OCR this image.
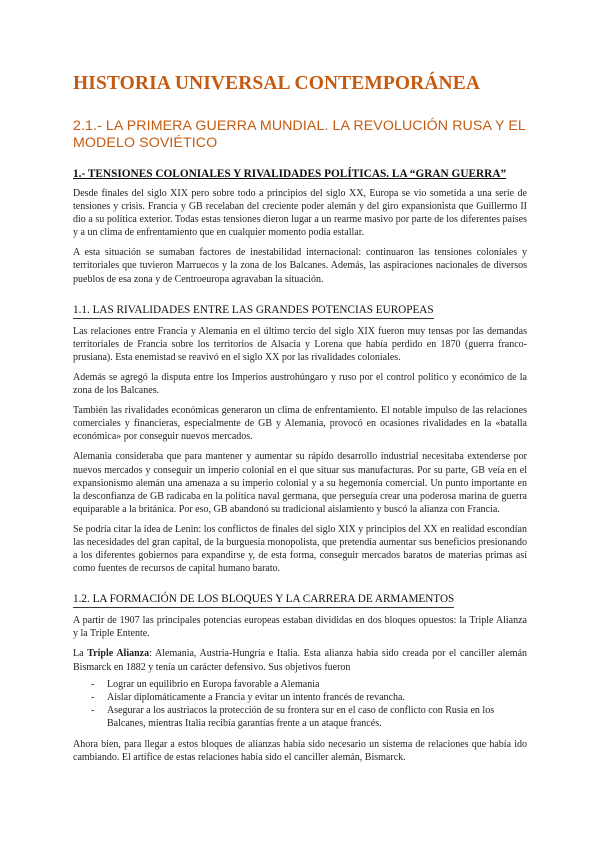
HISTORIA UNIVERSAL CONTEMPORÁNEA
2.1.- LA PRIMERA GUERRA MUNDIAL. LA REVOLUCIÓN RUSA Y EL MODELO SOVIÉTICO
1.- TENSIONES COLONIALES Y RIVALIDADES POLÍTICAS. LA “GRAN GUERRA”

Desde finales del siglo XIX pero sobre todo a principios del siglo XX, Europa se vio sometida a una serie de tensiones y crisis. Francia y GB recelaban del creciente poder alemán y del giro expansionista que Guillermo II dio a su política exterior. Todas estas tensiones dieron lugar a un rearme masivo por parte de los diferentes países y a un clima de enfrentamiento que en cualquier momento podía estallar.

A esta situación se sumaban factores de inestabilidad internacional: continuaron las tensiones coloniales y territoriales que tuvieron Marruecos y la zona de los Balcanes. Además, las aspiraciones nacionales de diversos pueblos de esa zona y de Centroeuropa agravaban la situación.

1.1. LAS RIVALIDADES ENTRE LAS GRANDES POTENCIAS EUROPEAS

Las relaciones entre Francia y Alemania en el último tercio del siglo XIX fueron muy tensas por las demandas territoriales de Francia sobre los territorios de Alsacia y Lorena que había perdido en 1870 (guerra franco-prusiana). Esta enemistad se reavivó en el siglo XX por las rivalidades coloniales.

Además se agregó la disputa entre los Imperios austrohúngaro y ruso por el control político y económico de la zona de los Balcanes.

También las rivalidades económicas generaron un clima de enfrentamiento. El notable impulso de las relaciones comerciales y financieras, especialmente de GB y Alemania, provocó en ocasiones rivalidades en la «batalla económica» por conseguir nuevos mercados.

Alemania consideraba que para mantener y aumentar su rápido desarrollo industrial necesitaba extenderse por nuevos mercados y conseguir un imperio colonial en el que situar sus manufacturas. Por su parte, GB veía en el expansionismo alemán una amenaza a su imperio colonial y a su hegemonía comercial. Un punto importante en la desconfianza de GB radicaba en la política naval germana, que perseguía crear una poderosa marina de guerra equiparable a la británica. Por eso, GB abandonó su tradicional aislamiento y buscó la alianza con Francia.

Se podría citar la idea de Lenin: los conflictos de finales del siglo XIX y principios del XX en realidad escondían las necesidades del gran capital, de la burguesía monopolista, que pretendía aumentar sus beneficios presionando a los diferentes gobiernos para expandirse y, de esta forma, conseguir mercados baratos de materias primas así como fuentes de recursos de capital humano barato.

1.2. LA FORMACIÓN DE LOS BLOQUES Y LA CARRERA DE ARMAMENTOS

A partir de 1907 las principales potencias europeas estaban divididas en dos bloques opuestos: la Triple Alianza y la Triple Entente.

La Triple Alianza: Alemania, Austria-Hungría e Italia. Esta alianza había sido creada por el canciller alemán Bismarck en 1882 y tenía un carácter defensivo. Sus objetivos fueron

- Lograr un equilibrio en Europa favorable a Alemania
- Aislar diplomáticamente a Francia y evitar un intento francés de revancha.
- Asegurar a los austriacos la protección de su frontera sur en el caso de conflicto con Rusia en los Balcanes, mientras Italia recibía garantías frente a un ataque francés.

Ahora bien, para llegar a estos bloques de alianzas había sido necesario un sistema de relaciones que había ido cambiando. El artífice de estas relaciones había sido el canciller alemán, Bismarck.
